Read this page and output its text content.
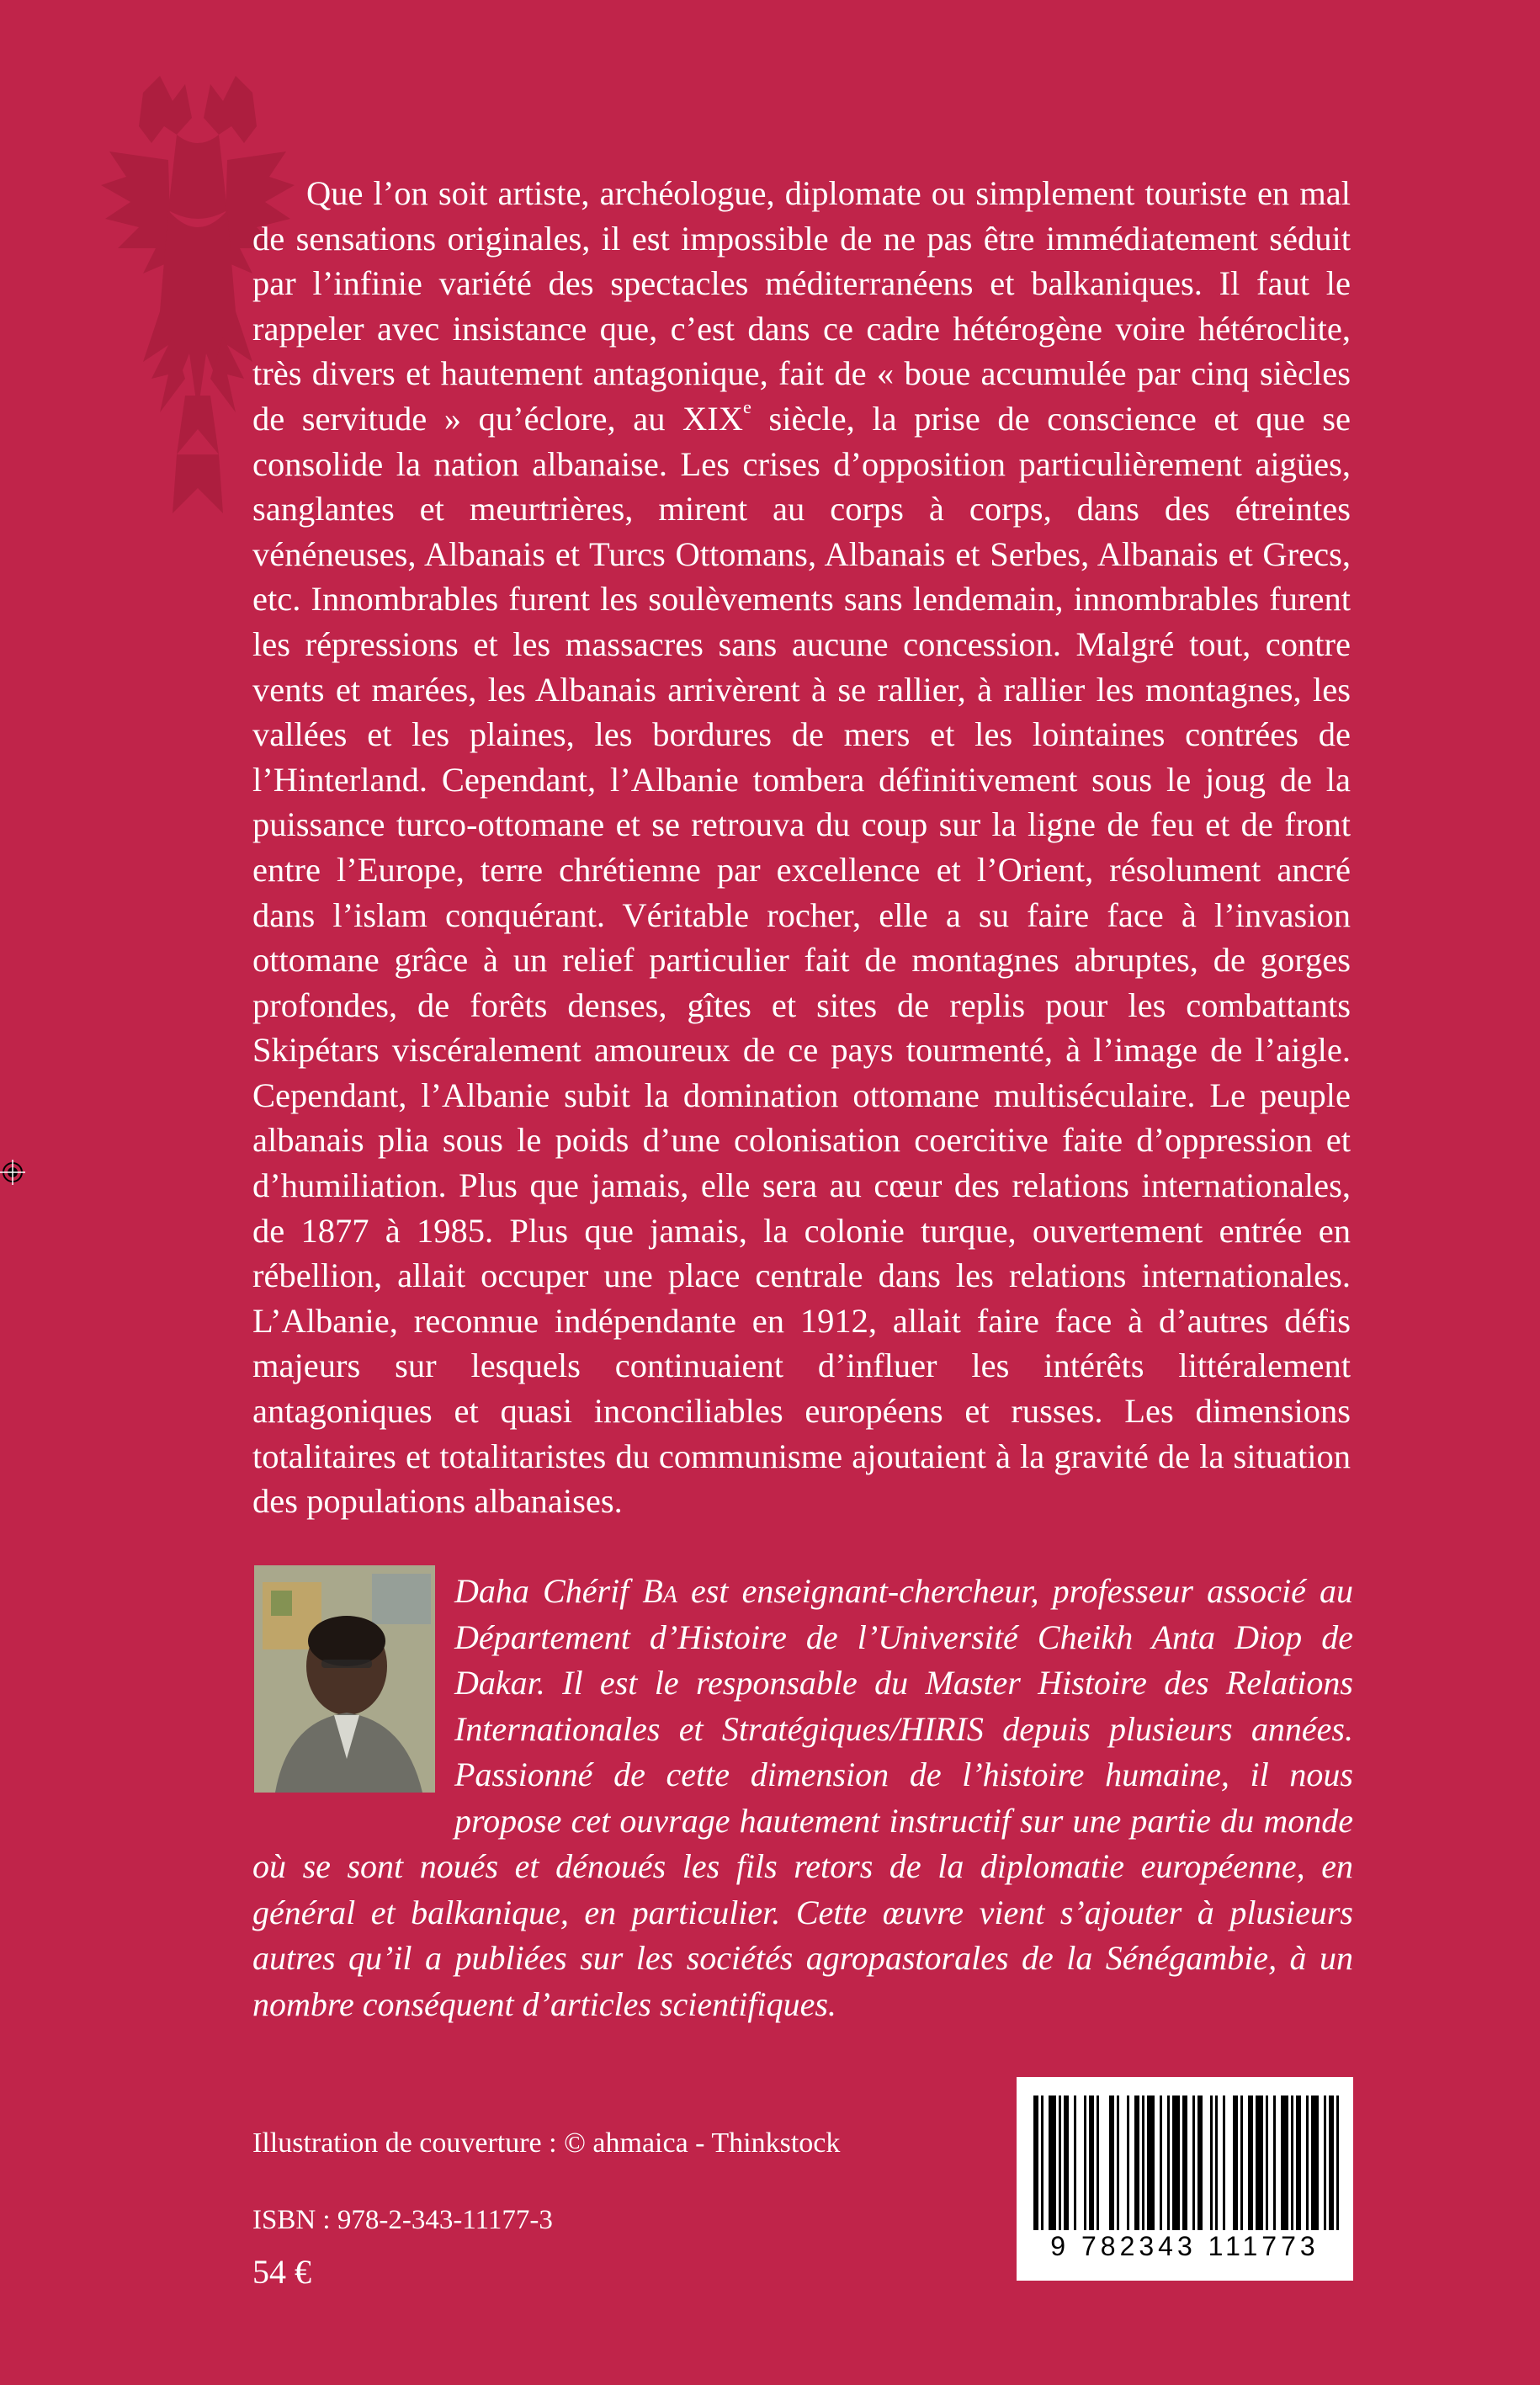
Que l’on soit artiste, archéologue, diplomate ou simplement touriste en mal de sensations originales, il est impossible de ne pas être immédiatement séduit par l’infinie variété des spectacles méditerranéens et balkaniques. Il faut le rappeler avec insistance que, c’est dans ce cadre hétérogène voire hétéroclite, très divers et hautement antagonique, fait de « boue accumulée par cinq siècles de servitude » qu’éclore, au XIXe siècle, la prise de conscience et que se consolide la nation albanaise. Les crises d’opposition particulièrement aigües, sanglantes et meurtrières, mirent au corps à corps, dans des étreintes vénéneuses, Albanais et Turcs Ottomans, Albanais et Serbes, Albanais et Grecs, etc. Innombrables furent les soulèvements sans lendemain, innombrables furent les répressions et les massacres sans aucune concession. Malgré tout, contre vents et marées, les Albanais arrivèrent à se rallier, à rallier les montagnes, les vallées et les plaines, les bordures de mers et les lointaines contrées de l’Hinterland. Cependant, l’Albanie tombera définitivement sous le joug de la puissance turco-ottomane et se retrouva du coup sur la ligne de feu et de front entre l’Europe, terre chrétienne par excellence et l’Orient, résolument ancré dans l’islam conquérant. Véritable rocher, elle a su faire face à l’invasion ottomane grâce à un relief particulier fait de montagnes abruptes, de gorges profondes, de forêts denses, gîtes et sites de replis pour les combattants Skipétars viscéralement amoureux de ce pays tourmenté, à l’image de l’aigle. Cependant, l’Albanie subit la domination ottomane multiséculaire. Le peuple albanais plia sous le poids d’une colonisation coercitive faite d’oppression et d’humiliation. Plus que jamais, elle sera au cœur des relations internationales, de 1877 à 1985. Plus que jamais, la colonie turque, ouvertement entrée en rébellion, allait occuper une place centrale dans les relations internationales. L’Albanie, reconnue indépendante en 1912, allait faire face à d’autres défis majeurs sur lesquels continuaient d’influer les intérêts littéralement antagoniques et quasi inconciliables européens et russes. Les dimensions totalitaires et totalitaristes du communisme ajoutaient à la gravité de la situation des populations albanaises.

Daha Chérif Ba est enseignant-chercheur, professeur associé au Département d’Histoire de l’Université Cheikh Anta Diop de Dakar. Il est le responsable du Master Histoire des Relations Internationales et Stratégiques/HIRIS depuis plusieurs années. Passionné de cette dimension de l’histoire humaine, il nous propose cet ouvrage hautement instructif sur une partie du monde où se sont noués et dénoués les fils retors de la diplomatie européenne, en général et balkanique, en particulier. Cette œuvre vient s’ajouter à plusieurs autres qu’il a publiées sur les sociétés agropastorales de la Sénégambie, à un nombre conséquent d’articles scientifiques.
Illustration de couverture : © ahmaica - Thinkstock
ISBN : 978-2-343-11177-3
54 €
9 782343 111773
